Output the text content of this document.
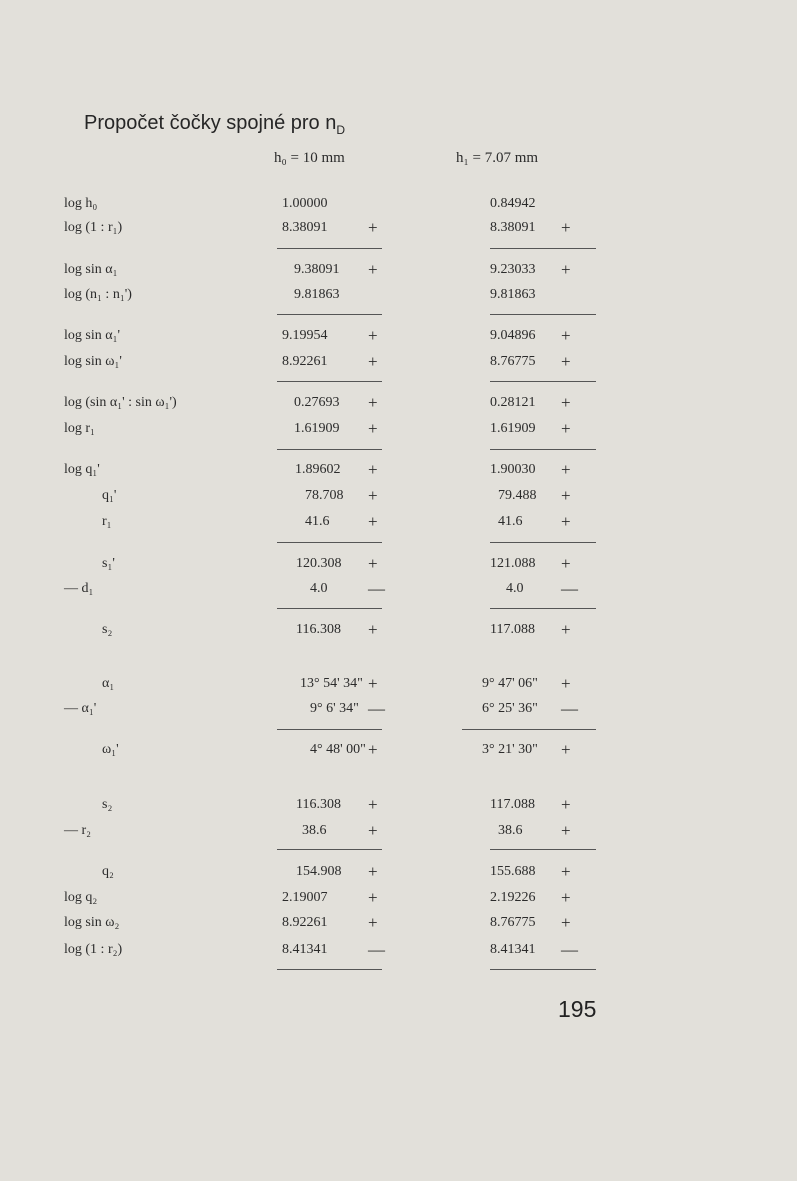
Propočet čočky spojné pro $n_D$
h₀ = 10 mm	h₁ = 7.07 mm
log h₀	1.00000	0.84942
log (1 : r₁)	8.38091 +	8.38091 +
log sin α₁	9.38091 +	9.23033 +
log (n₁ : n₁')	9.81863	9.81863
log sin α₁'	9.19954 +	9.04896 +
log sin ω₁'	8.92261 +	8.76775 +
log (sin α₁' : sin ω₁')	0.27693 +	0.28121 +
log r₁	1.61909 +	1.61909 +
log q₁'	1.89602 +	1.90030 +
q₁'	78.708 +	79.488 +
r₁	41.6 +	41.6 +
s₁'	120.308 +	121.088 +
— d₁	4.0 —	4.0 —
s₂	116.308 +	117.088 +
α₁	13° 54' 34" +	9° 47' 06" +
— α₁'	9° 6' 34" —	6° 25' 36" —
ω₁'	4° 48' 00" +	3° 21' 30" +
s₂	116.308 +	117.088 +
— r₂	38.6 +	38.6 +
q₂	154.908 +	155.688 +
log q₂	2.19007 +	2.19226 +
log sin ω₂	8.92261 +	8.76775 +
log (1 : r₂)	8.41341 —	8.41341 —
195
